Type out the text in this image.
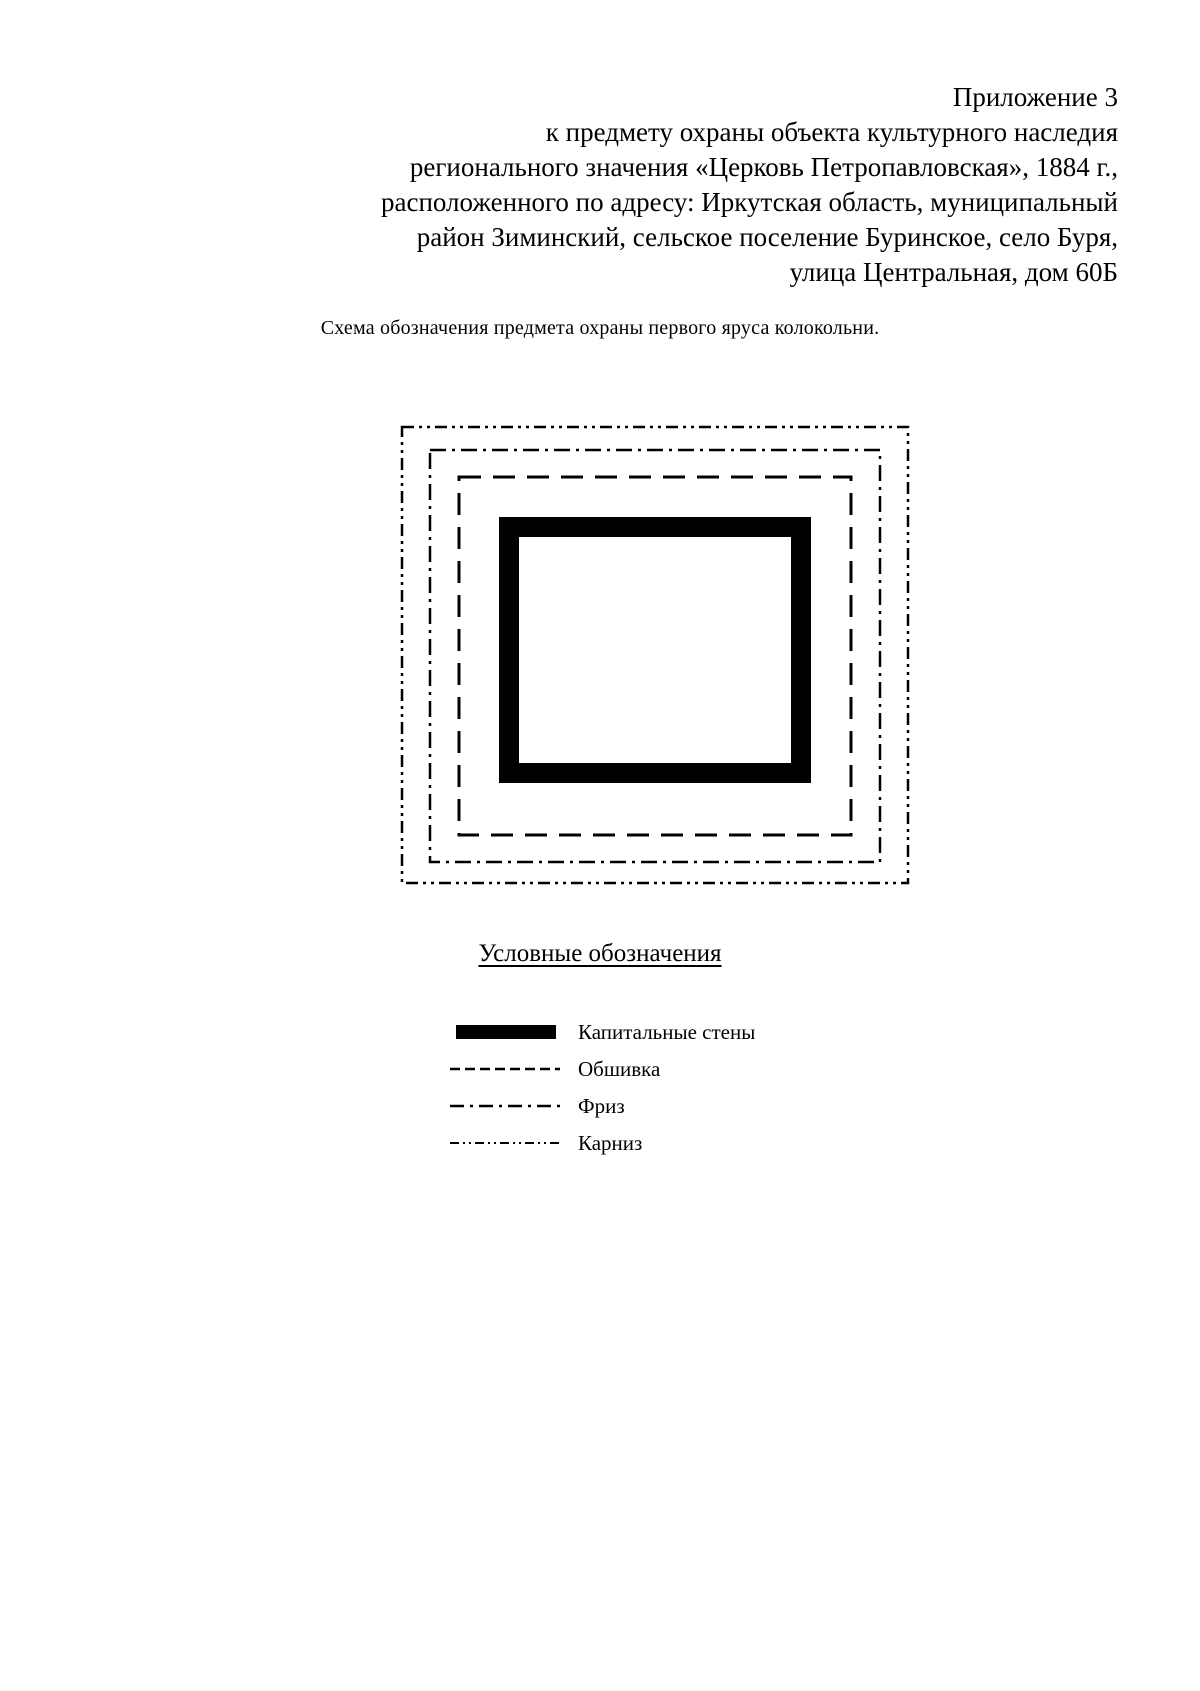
Приложение 3
к предмету охраны объекта культурного наследия
регионального значения «Церковь Петропавловская», 1884 г.,
расположенного по адресу: Иркутская область, муниципальный
район Зиминский, сельское поселение Буринское, село Буря,
улица Центральная, дом 60Б
Схема обозначения предмета охраны первого яруса колокольни.
Условные обозначения
Капитальные стены
Обшивка
Фриз
Карниз
